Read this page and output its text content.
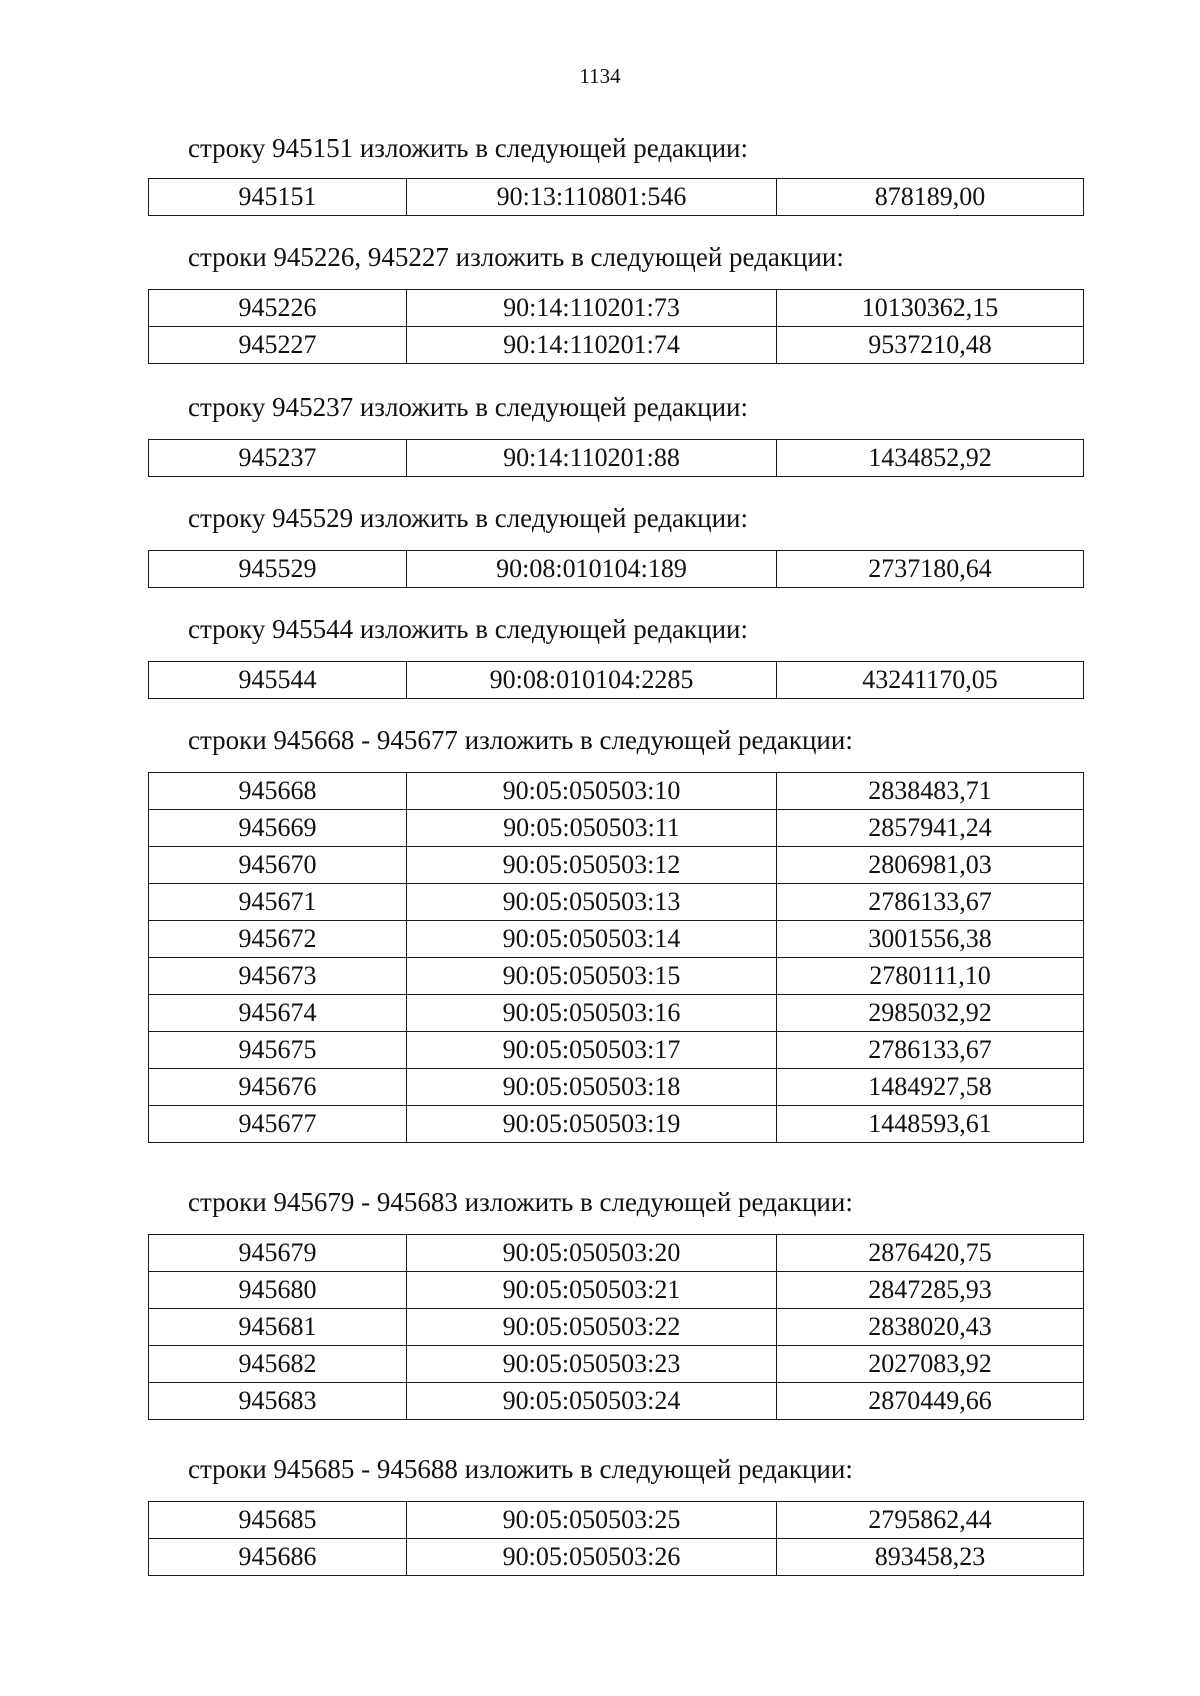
1134
строку 945151 изложить в следующей редакции:
945151	90:13:110801:546	878189,00
строки 945226, 945227 изложить в следующей редакции:
945226	90:14:110201:73	10130362,15
945227	90:14:110201:74	9537210,48
строку 945237 изложить в следующей редакции:
945237	90:14:110201:88	1434852,92
строку 945529 изложить в следующей редакции:
945529	90:08:010104:189	2737180,64
строку 945544 изложить в следующей редакции:
945544	90:08:010104:2285	43241170,05
строки 945668 - 945677 изложить в следующей редакции:
945668	90:05:050503:10	2838483,71
945669	90:05:050503:11	2857941,24
945670	90:05:050503:12	2806981,03
945671	90:05:050503:13	2786133,67
945672	90:05:050503:14	3001556,38
945673	90:05:050503:15	2780111,10
945674	90:05:050503:16	2985032,92
945675	90:05:050503:17	2786133,67
945676	90:05:050503:18	1484927,58
945677	90:05:050503:19	1448593,61
строки 945679 - 945683 изложить в следующей редакции:
945679	90:05:050503:20	2876420,75
945680	90:05:050503:21	2847285,93
945681	90:05:050503:22	2838020,43
945682	90:05:050503:23	2027083,92
945683	90:05:050503:24	2870449,66
строки 945685 - 945688 изложить в следующей редакции:
945685	90:05:050503:25	2795862,44
945686	90:05:050503:26	893458,23
